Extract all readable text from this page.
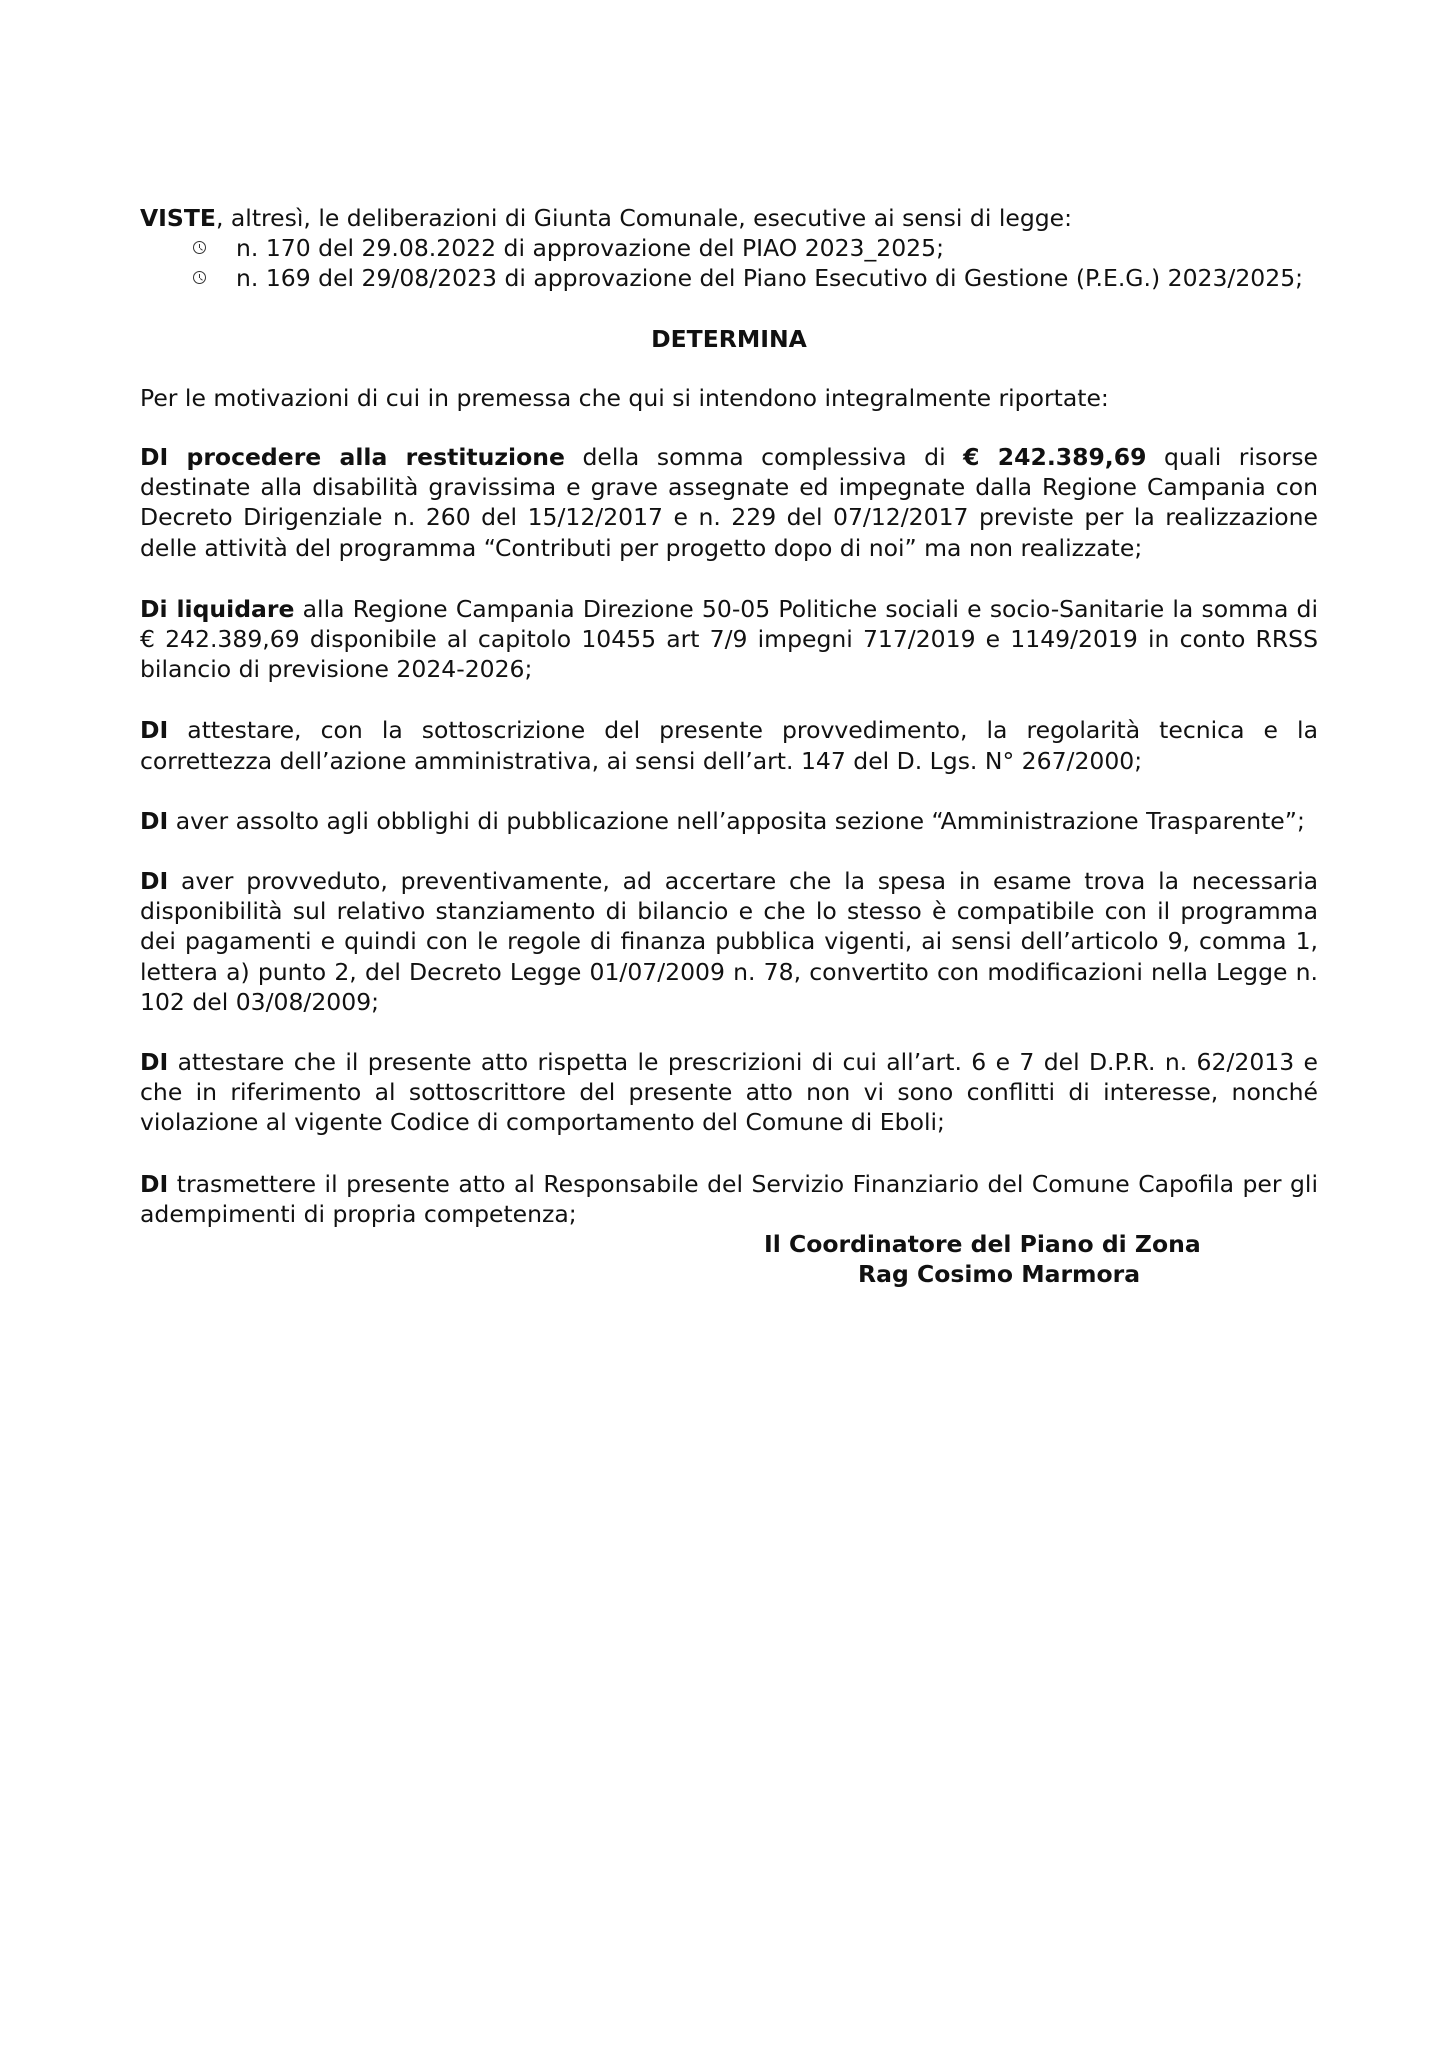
VISTE, altresì, le deliberazioni di Giunta Comunale, esecutive ai sensi di legge:

n. 170 del 29.08.2022 di approvazione del PIAO 2023_2025;
n. 169 del 29/08/2023 di approvazione del Piano Esecutivo di Gestione (P.E.G.) 2023/2025;

DETERMINA

Per le motivazioni di cui in premessa che qui si intendono integralmente riportate:

DI procedere alla restituzione della somma complessiva di € 242.389,69 quali risorse destinate alla disabilità gravissima e grave assegnate ed impegnate dalla Regione Campania con Decreto Dirigenziale n. 260 del 15/12/2017 e n. 229 del 07/12/2017 previste per la realizzazione delle attività del programma “Contributi per progetto dopo di noi” ma non realizzate;

Di liquidare alla Regione Campania Direzione 50-05 Politiche sociali e socio-Sanitarie la somma di € 242.389,69 disponibile al capitolo 10455 art 7/9 impegni 717/2019 e 1149/2019 in conto RRSS bilancio di previsione 2024-2026;

DI attestare, con la sottoscrizione del presente provvedimento, la regolarità tecnica e la correttezza dell’azione amministrativa, ai sensi dell’art. 147 del D. Lgs. N° 267/2000;

DI aver assolto agli obblighi di pubblicazione nell’apposita sezione “Amministrazione Trasparente”;

DI aver provveduto, preventivamente, ad accertare che la spesa in esame trova la necessaria disponibilità sul relativo stanziamento di bilancio e che lo stesso è compatibile con il programma dei pagamenti e quindi con le regole di finanza pubblica vigenti, ai sensi dell’articolo 9, comma 1, lettera a) punto 2, del Decreto Legge 01/07/2009 n. 78, convertito con modificazioni nella Legge n. 102 del 03/08/2009;

DI attestare che il presente atto rispetta le prescrizioni di cui all’art. 6 e 7 del D.P.R. n. 62/2013 e che in riferimento al sottoscrittore del presente atto non vi sono conflitti di interesse, nonché violazione al vigente Codice di comportamento del Comune di Eboli;

DI trasmettere il presente atto al Responsabile del Servizio Finanziario del Comune Capofila per gli adempimenti di propria competenza;

Il Coordinatore del Piano di Zona
Rag Cosimo Marmora
